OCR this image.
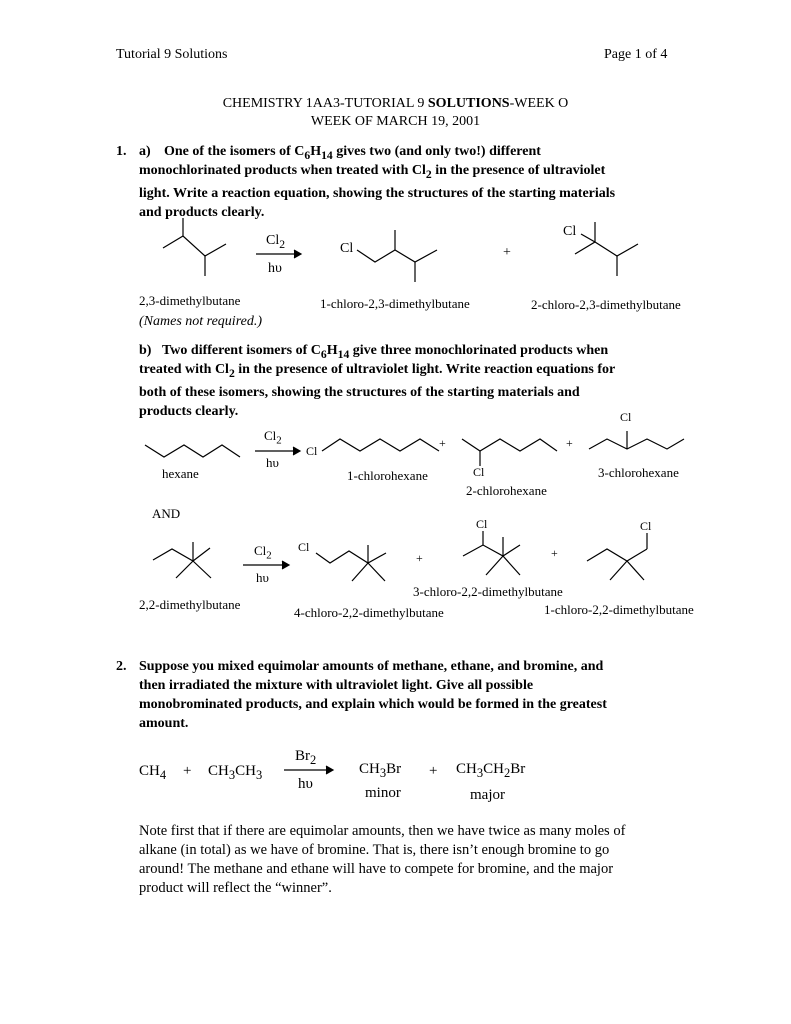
Tutorial 9 Solutions	Page 1 of 4
CHEMISTRY 1AA3-TUTORIAL 9 SOLUTIONS-WEEK O
WEEK OF MARCH 19, 2001
1. a) One of the isomers of $C_6H_{14}$ gives two (and only two!) different

monochlorinated products when treated with $Cl_2$ in the presence of ultraviolet

light. Write a reaction equation, showing the structures of the starting materials

and products clearly.

$Cl_2$
hυ
Cl	+
Cl
2,3-dimethylbutane	1-chloro-2,3-dimethylbutane	2-chloro-2,3-dimethylbutane
(Names not required.)
b) Two different isomers of $C_6H_{14}$ give three monochlorinated products when

treated with $Cl_2$ in the presence of ultraviolet light. Write reaction equations for

both of these isomers, showing the structures of the starting materials and

products clearly.

$Cl_2$
hυ
Cl
+
Cl
+
Cl
hexane	1-chlorohexane
2-chlorohexane
3-chlorohexane
AND
$Cl_2$
hυ
Cl
+
Cl
+
Cl
2,2-dimethylbutane
4-chloro-2,2-dimethylbutane
3-chloro-2,2-dimethylbutane
1-chloro-2,2-dimethylbutane
2. Suppose you mixed equimolar amounts of methane, ethane, and bromine, and

then irradiated the mixture with ultraviolet light. Give all possible

monobrominated products, and explain which would be formed in the greatest

amount.

$CH_4 + CH_3CH_3$
$Br_2$
hυ
$CH_3Br + CH_3CH_2Br$
minor	major

Note first that if there are equimolar amounts, then we have twice as many moles of

alkane (in total) as we have of bromine. That is, there isn’t enough bromine to go

around! The methane and ethane will have to compete for bromine, and the major

product will reflect the “winner”.
